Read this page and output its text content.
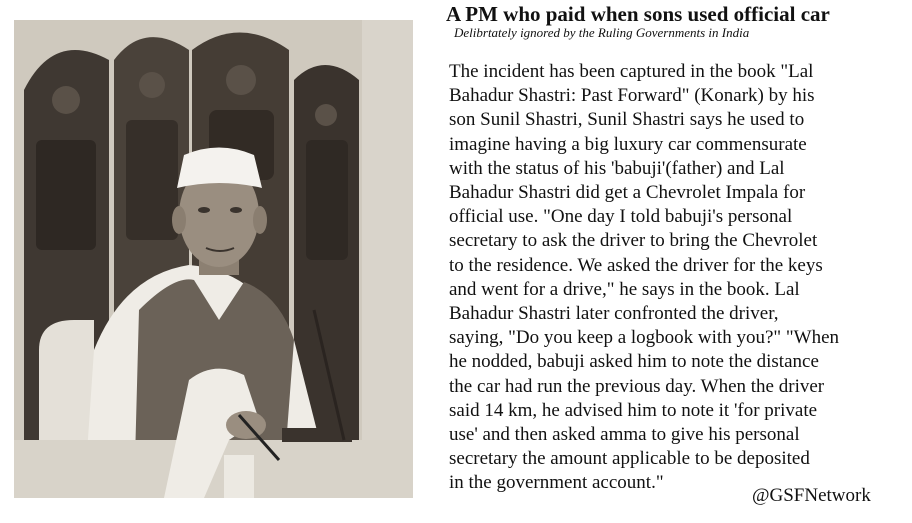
A PM who paid when sons used official car
Delibrtately ignored by the Ruling Governments in India
The incident has been captured in the book "Lal
Bahadur Shastri: Past Forward" (Konark) by his
son Sunil Shastri, Sunil Shastri says he used to
imagine having a big luxury car commensurate
with the status of his 'babuji'(father) and Lal
Bahadur Shastri did get a Chevrolet Impala for
official use. "One day I told babuji's personal
secretary to ask the driver to bring the Chevrolet
to the residence. We asked the driver for the keys
and went for a drive," he says in the book. Lal
Bahadur Shastri later confronted the driver,
saying, "Do you keep a logbook with you?" "When
he nodded, babuji asked him to note the distance
the car had run the previous day. When the driver
said 14 km, he advised him to note it 'for private
use' and then asked amma to give his personal
secretary the amount applicable to be deposited
in the government account."
@GSFNetwork
